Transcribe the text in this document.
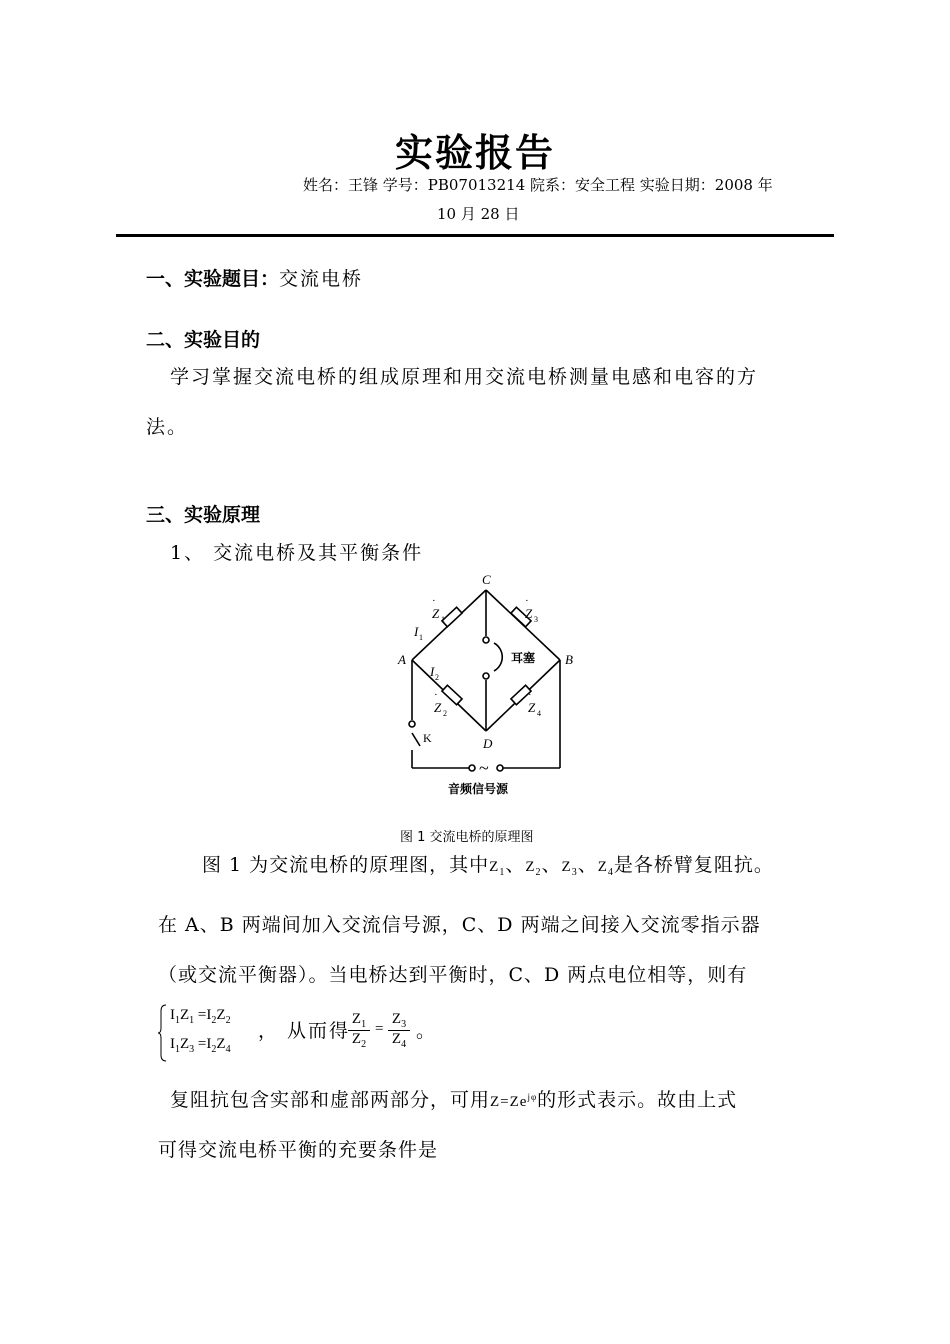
实验报告
姓名：王锋 学号：PB07013214 院系：安全工程 实验日期：2008 年
10 月 28 日
一、实验题目：交流电桥
二、实验目的
学习掌握交流电桥的组成原理和用交流电桥测量电感和电容的方
法。
三、实验原理
1、 交流电桥及其平衡条件
C
D
A	B
I
I
Z	Z
Z	Z
1
2
1	3
2	4
·	·
·	·
耳塞
K
~
音频信号源
图 1 交流电桥的原理图
图 1 为交流电桥的原理图，其中$Z_1$、$Z_2$、$Z_3$、$Z_4$是各桥臂复阻抗。
在 A、B 两端间加入交流信号源，C、D 两端之间接入交流零指示器
（或交流平衡器）。当电桥达到平衡时，C、D 两点电位相等，则有
$I_1Z_1 =I_2Z_2$
$I_1Z_3 =I_2Z_4$
， 从而得
$Z_1$
$Z_2$
=
$Z_3$
$Z_4$
。
复阻抗包含实部和虚部两部分，可用$Z=Ze^{j\varphi}$的形式表示。故由上式
可得交流电桥平衡的充要条件是
